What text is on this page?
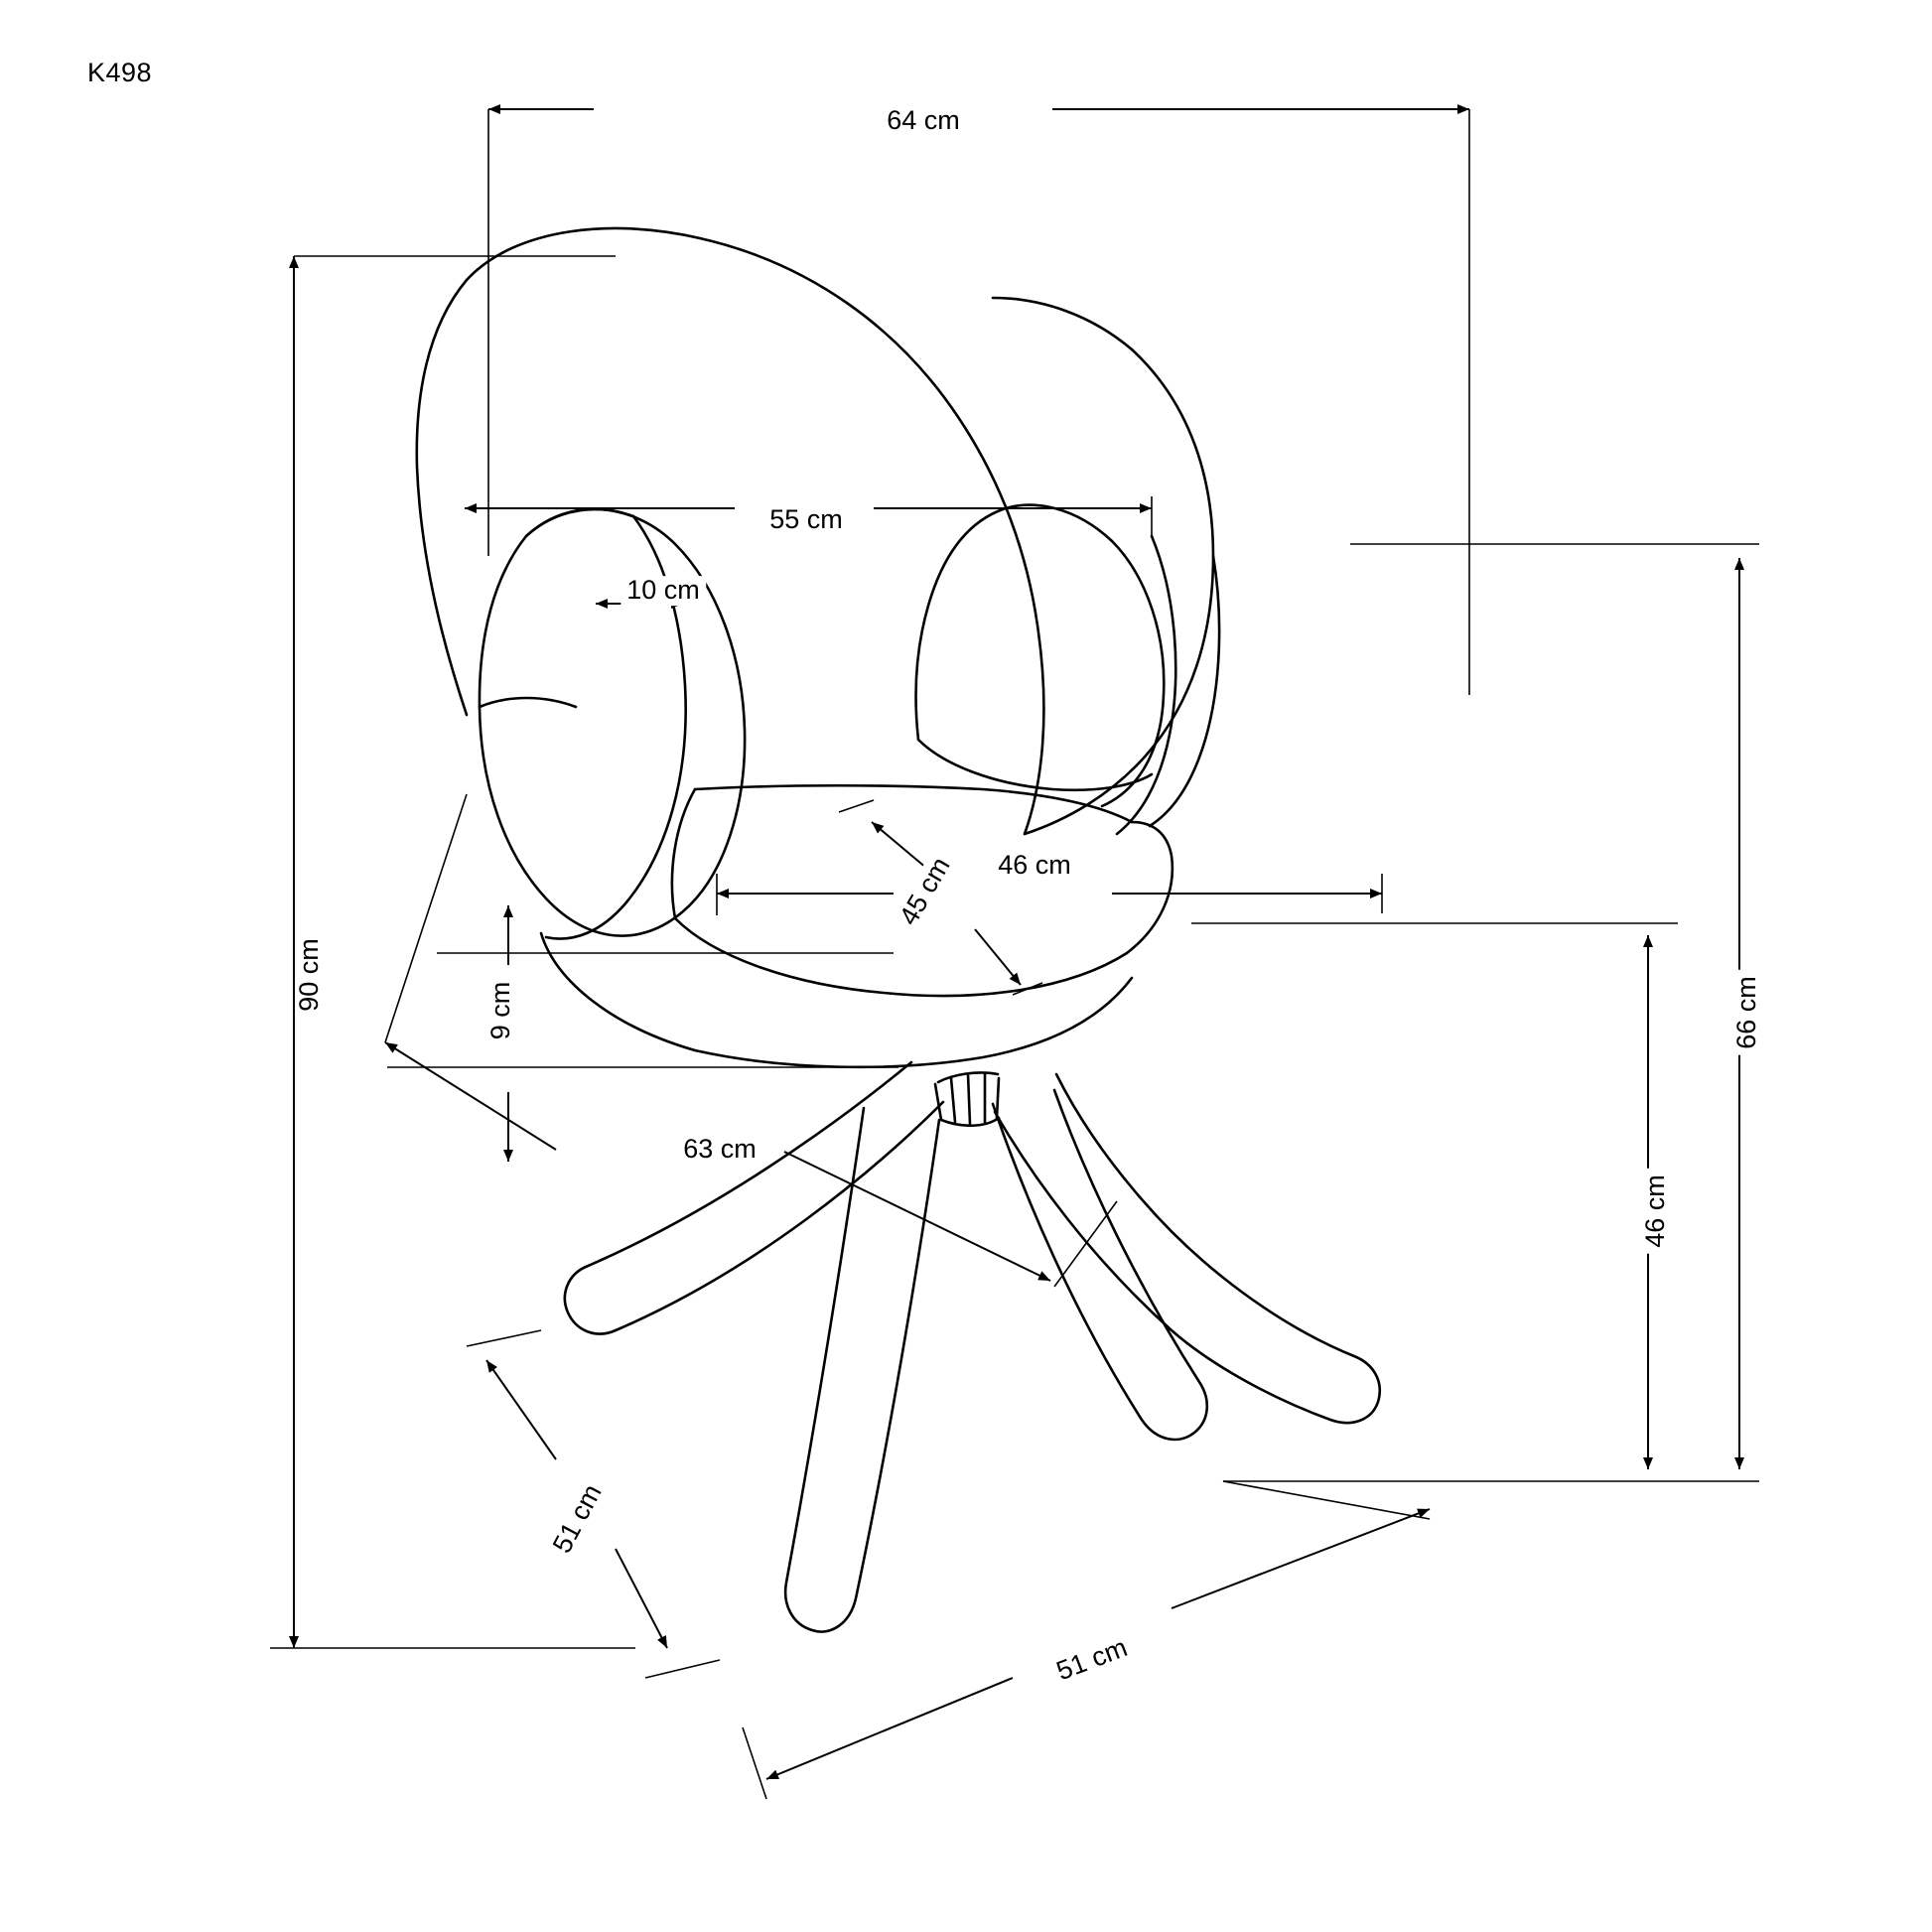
K498
64 cm
55 cm
10 cm
46 cm
45 cm
9 cm
63 cm
90 cm
66 cm
46 cm
51 cm
51 cm
